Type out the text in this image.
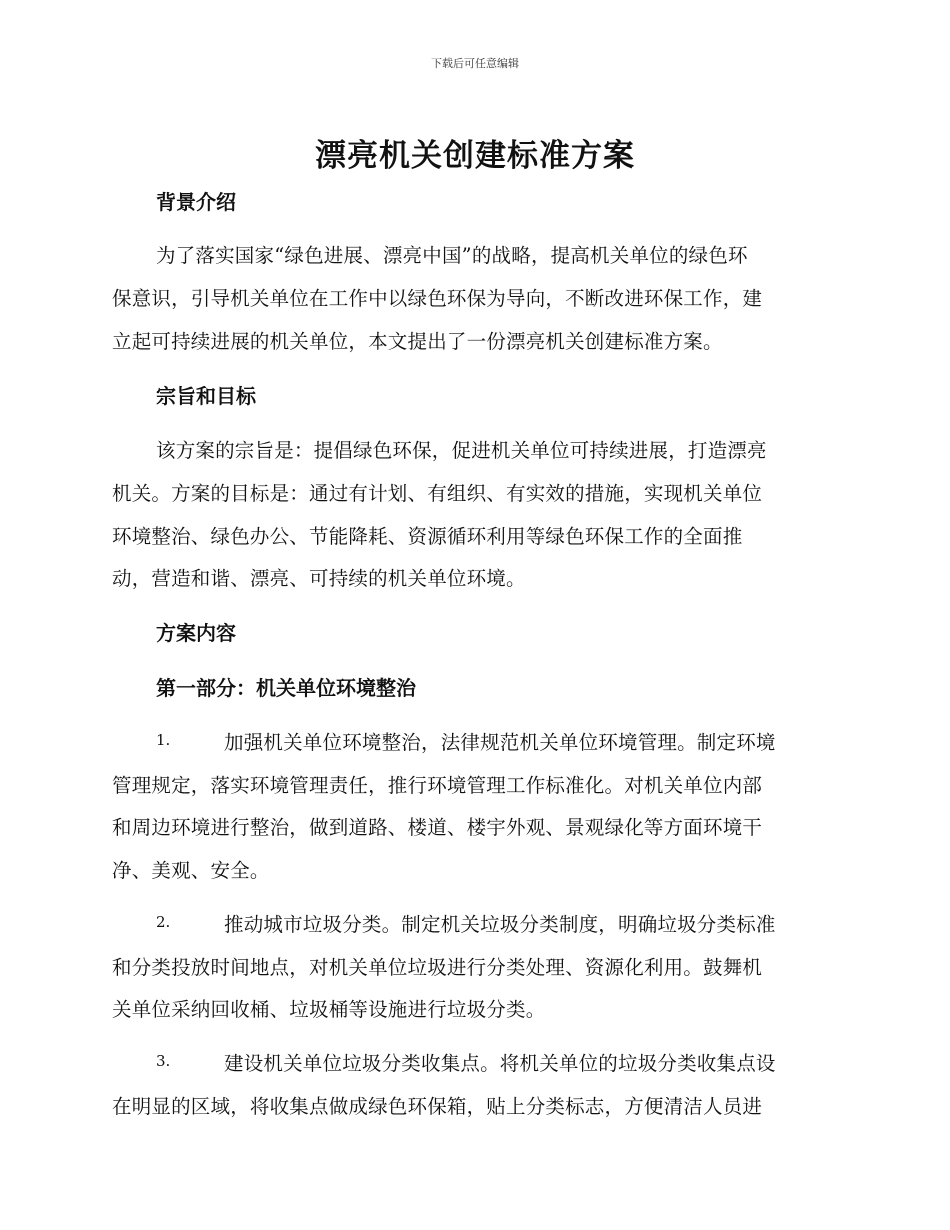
下载后可任意编辑
漂亮机关创建标准方案
背景介绍
为了落实国家“绿色进展、漂亮中国”的战略，提高机关单位的绿色环
保意识，引导机关单位在工作中以绿色环保为导向，不断改进环保工作，建
立起可持续进展的机关单位，本文提出了一份漂亮机关创建标准方案。
宗旨和目标
该方案的宗旨是：提倡绿色环保，促进机关单位可持续进展，打造漂亮
机关。方案的目标是：通过有计划、有组织、有实效的措施，实现机关单位
环境整治、绿色办公、节能降耗、资源循环利用等绿色环保工作的全面推
动，营造和谐、漂亮、可持续的机关单位环境。
方案内容
第一部分：机关单位环境整治
1.	加强机关单位环境整治，法律规范机关单位环境管理。制定环境
管理规定，落实环境管理责任，推行环境管理工作标准化。对机关单位内部
和周边环境进行整治，做到道路、楼道、楼宇外观、景观绿化等方面环境干
净、美观、安全。
2.	推动城市垃圾分类。制定机关垃圾分类制度，明确垃圾分类标准
和分类投放时间地点，对机关单位垃圾进行分类处理、资源化利用。鼓舞机
关单位采纳回收桶、垃圾桶等设施进行垃圾分类。
3.	建设机关单位垃圾分类收集点。将机关单位的垃圾分类收集点设
在明显的区域，将收集点做成绿色环保箱，贴上分类标志，方便清洁人员进
